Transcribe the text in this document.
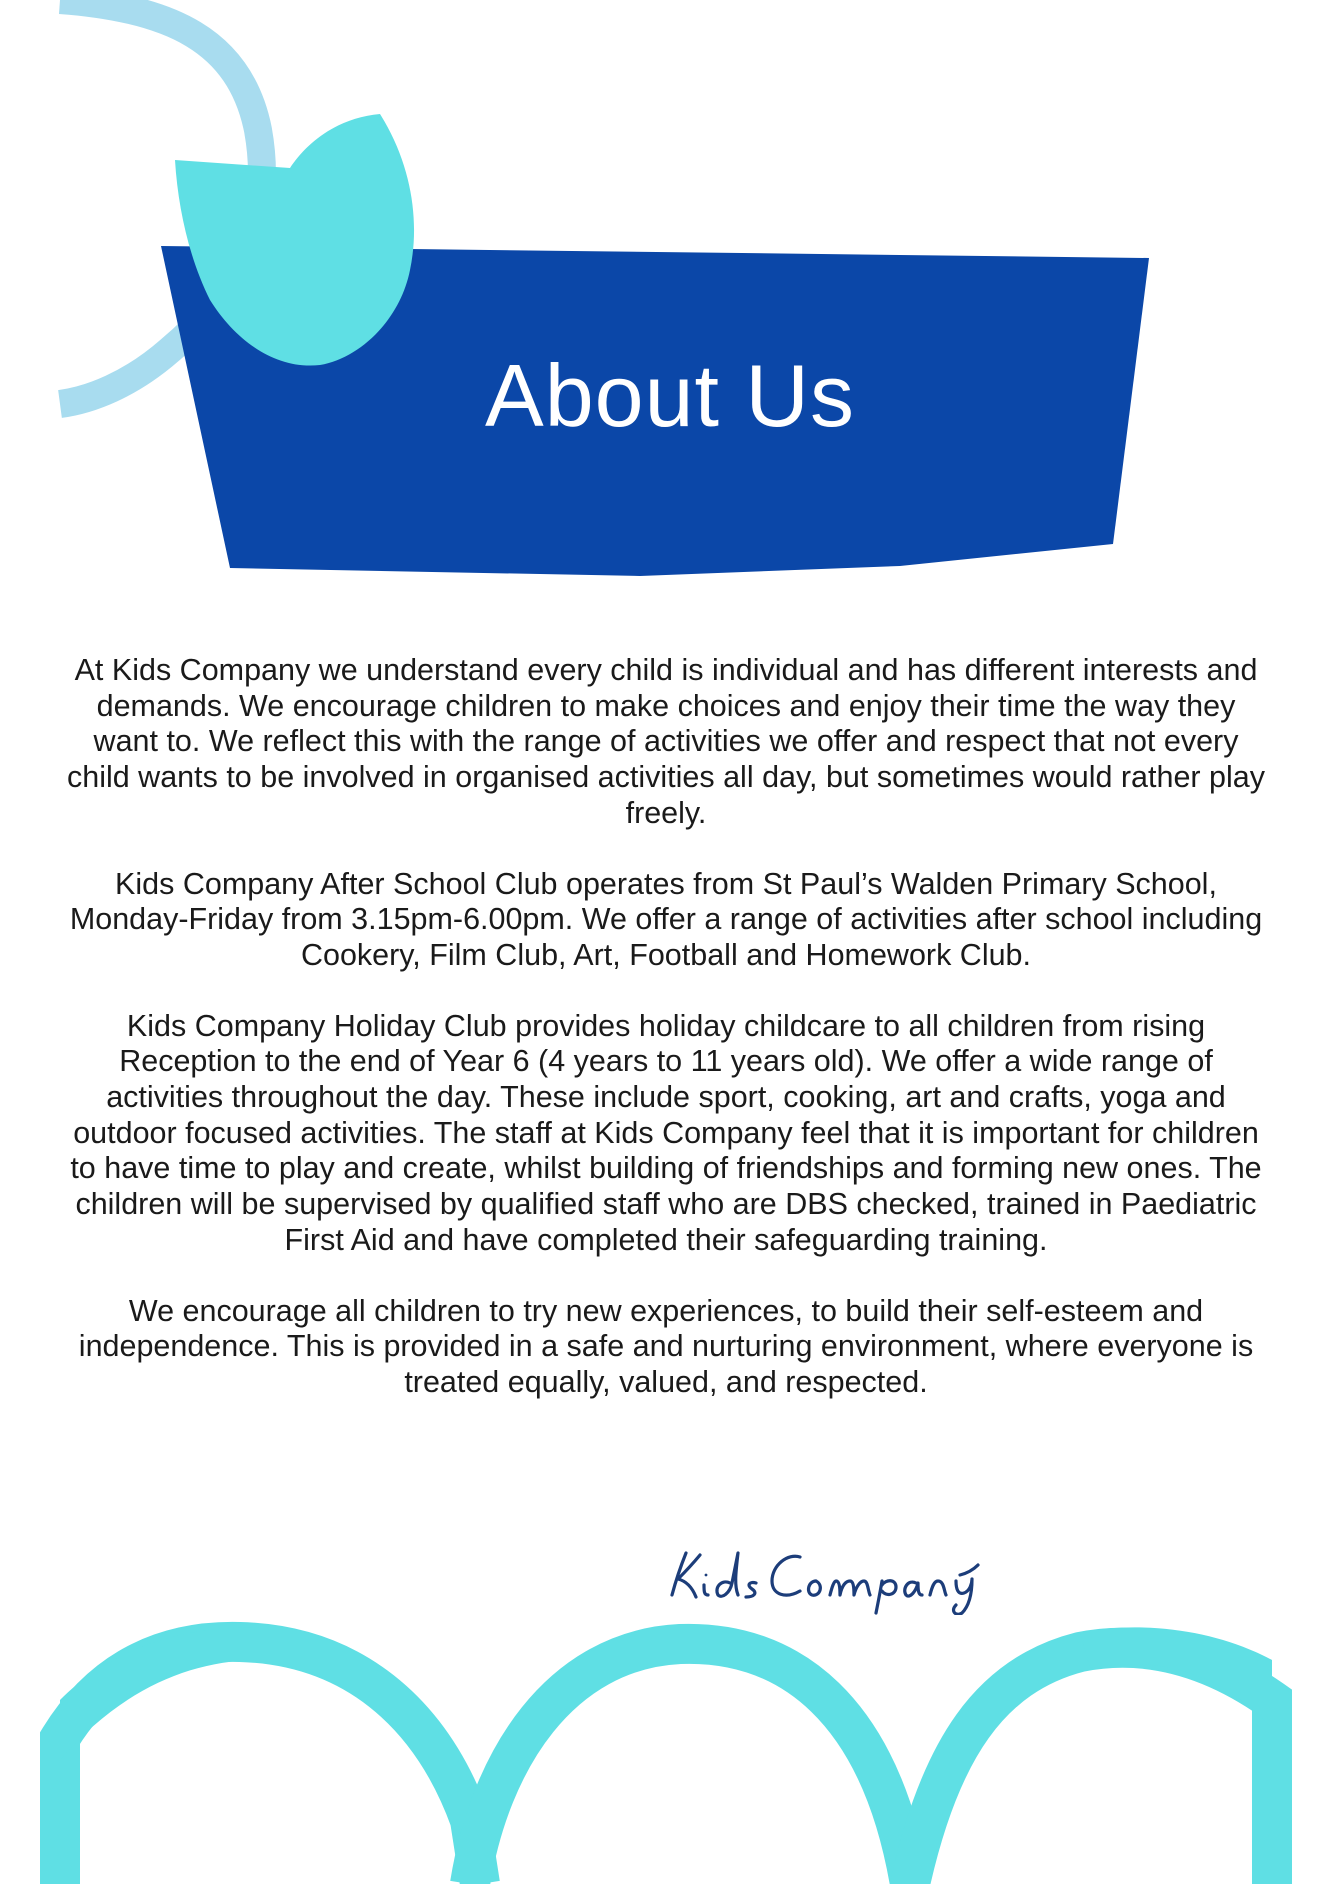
About Us

At Kids Company we understand every child is individual and has different interests and demands. We encourage children to make choices and enjoy their time the way they want to. We reflect this with the range of activities we offer and respect that not every child wants to be involved in organised activities all day, but sometimes would rather play freely.

Kids Company After School Club operates from St Paul’s Walden Primary School, Monday-Friday from 3.15pm-6.00pm. We offer a range of activities after school including Cookery, Film Club, Art, Football and Homework Club.

Kids Company Holiday Club provides holiday childcare to all children from rising Reception to the end of Year 6 (4 years to 11 years old). We offer a wide range of activities throughout the day. These include sport, cooking, art and crafts, yoga and outdoor focused activities. The staff at Kids Company feel that it is important for children to have time to play and create, whilst building of friendships and forming new ones. The children will be supervised by qualified staff who are DBS checked, trained in Paediatric First Aid and have completed their safeguarding training.

We encourage all children to try new experiences, to build their self-esteem and independence. This is provided in a safe and nurturing environment, where everyone is treated equally, valued, and respected.
